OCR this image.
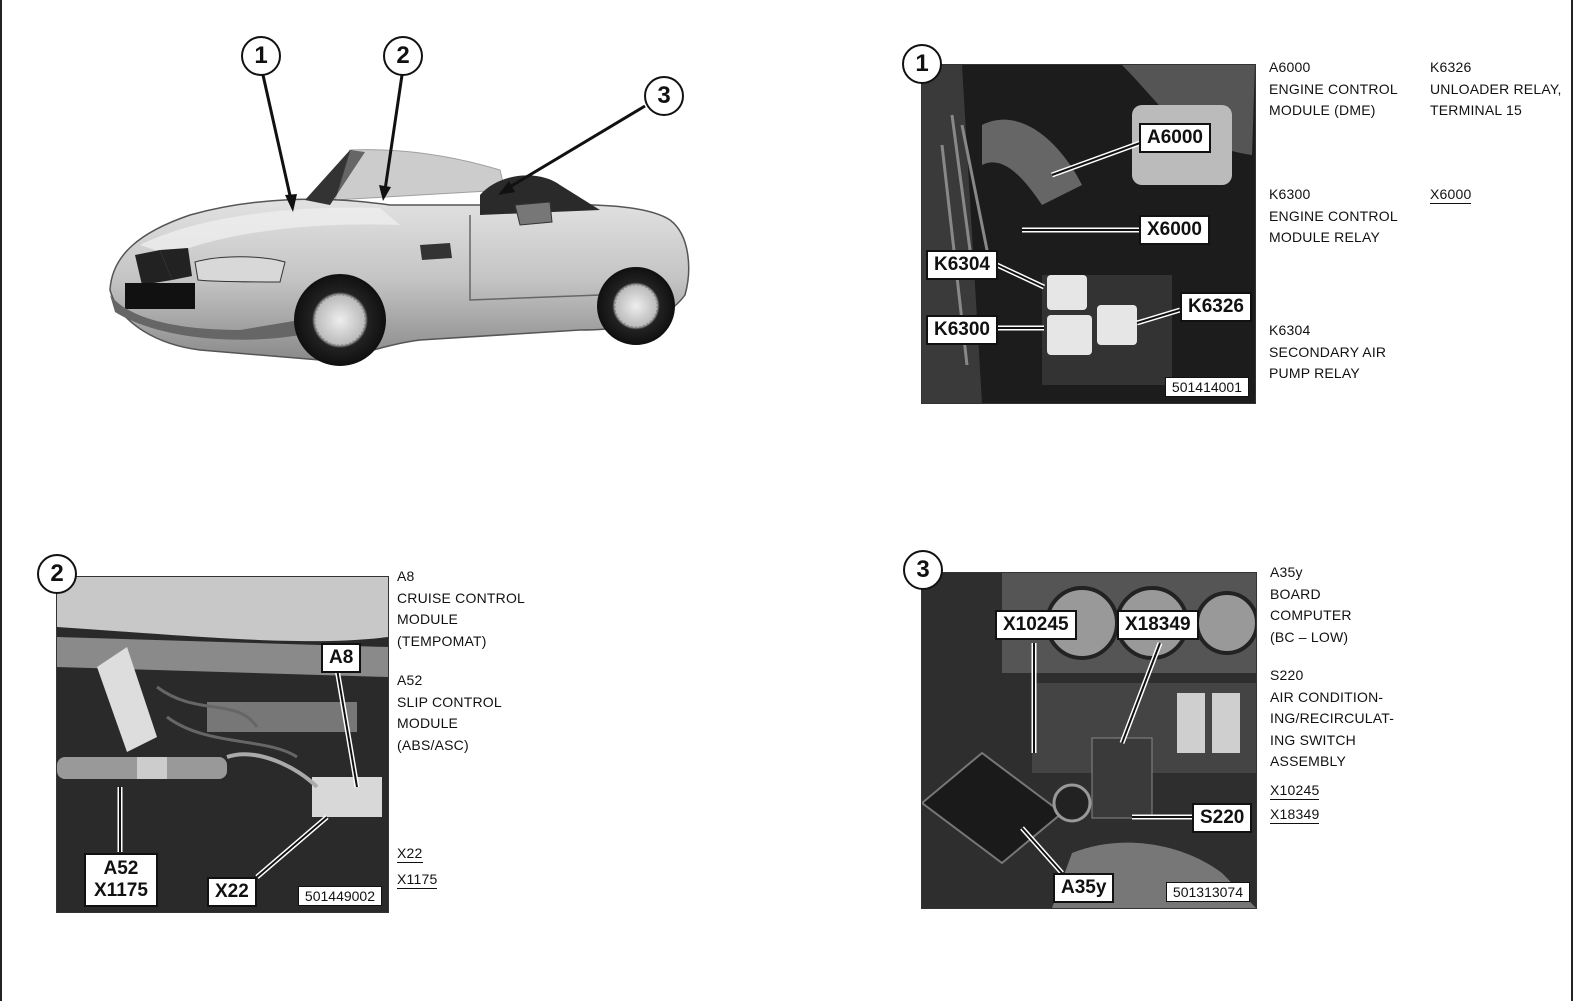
1	2
3
A6000
X6000
K6304
K6300
K6326
501414001
1	A6000
ENGINE CONTROL
MODULE (DME)
K6326
UNLOADER RELAY,
TERMINAL 15
K6300
ENGINE CONTROL
MODULE RELAY
X6000
K6304
SECONDARY AIR
PUMP RELAY
A8
A52
X1175	X22	501449002
2	A8
CRUISE CONTROL
MODULE
(TEMPOMAT)
A52
SLIP CONTROL
MODULE
(ABS/ASC)
X22
X1175
X10245	X18349
S220
A35y	501313074
3	A35y
BOARD
COMPUTER
(BC – LOW)
S220
AIR CONDITION-
ING/RECIRCULAT-
ING SWITCH
ASSEMBLY
X10245
X18349
